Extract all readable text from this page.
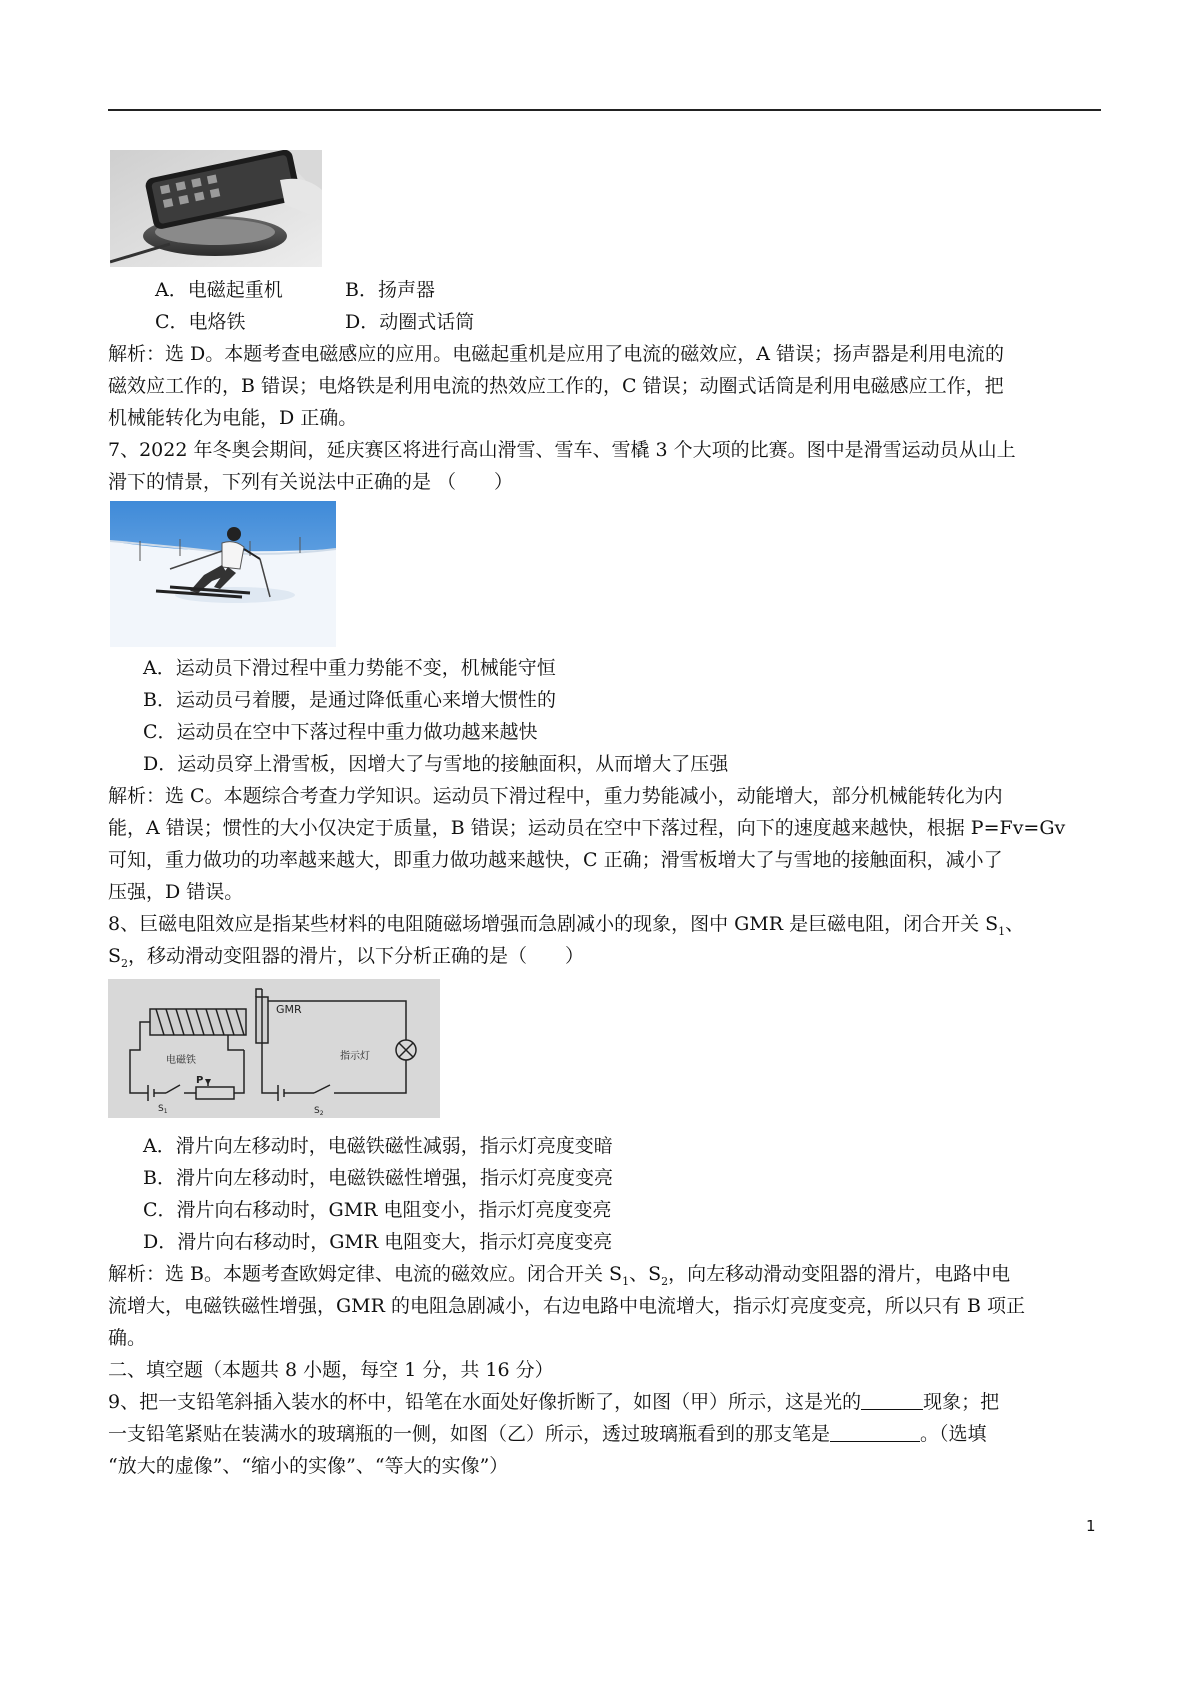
A．电磁起重机	B．扬声器
C．电烙铁	D．动圈式话筒
解析：选 D。本题考查电磁感应的应用。电磁起重机是应用了电流的磁效应，A 错误；扬声器是利用电流的
磁效应工作的，B 错误；电烙铁是利用电流的热效应工作的，C 错误；动圈式话筒是利用电磁感应工作，把
机械能转化为电能，D 正确。
7、2022 年冬奥会期间，延庆赛区将进行高山滑雪、雪车、雪橇 3 个大项的比赛。图中是滑雪运动员从山上
滑下的情景，下列有关说法中正确的是 （　　）
A．运动员下滑过程中重力势能不变，机械能守恒
B．运动员弓着腰，是通过降低重心来增大惯性的
C．运动员在空中下落过程中重力做功越来越快
D．运动员穿上滑雪板，因增大了与雪地的接触面积，从而增大了压强
解析：选 C。本题综合考查力学知识。运动员下滑过程中，重力势能减小，动能增大，部分机械能转化为内
能，A 错误；惯性的大小仅决定于质量，B 错误；运动员在空中下落过程，向下的速度越来越快，根据 P=Fv=Gv
可知，重力做功的功率越来越大，即重力做功越来越快，C 正确；滑雪板增大了与雪地的接触面积，减小了
压强，D 错误。
8、巨磁电阻效应是指某些材料的电阻随磁场增强而急剧减小的现象，图中 GMR 是巨磁电阻，闭合开关 $S_1$、
$S_2$，移动滑动变阻器的滑片，以下分析正确的是（　　）
GMR
电磁铁	指示灯
P
$S_1$	$S_2$
A．滑片向左移动时，电磁铁磁性减弱，指示灯亮度变暗
B．滑片向左移动时，电磁铁磁性增强，指示灯亮度变亮
C．滑片向右移动时，GMR 电阻变小，指示灯亮度变亮
D．滑片向右移动时，GMR 电阻变大，指示灯亮度变亮
解析：选 B。本题考查欧姆定律、电流的磁效应。闭合开关 $S_1$、$S_2$，向左移动滑动变阻器的滑片，电路中电
流增大，电磁铁磁性增强，GMR 的电阻急剧减小，右边电路中电流增大，指示灯亮度变亮，所以只有 B 项正
确。
二、填空题（本题共 8 小题，每空 1 分，共 16 分）
9、把一支铅笔斜插入装水的杯中，铅笔在水面处好像折断了，如图（甲）所示，这是光的	现象；把
一支铅笔紧贴在装满水的玻璃瓶的一侧，如图（乙）所示，透过玻璃瓶看到的那支笔是	。（选填
“放大的虚像”、“缩小的实像”、“等大的实像”）
1
